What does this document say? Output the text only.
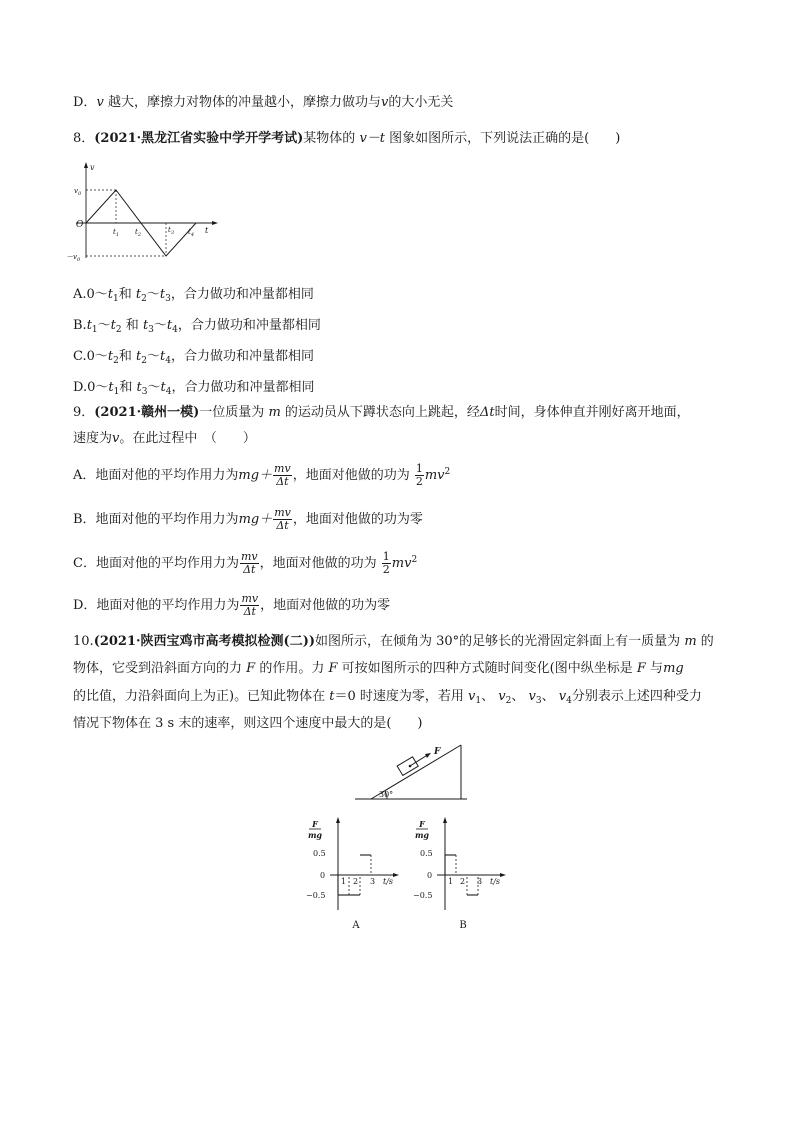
D．v 越大，摩擦力对物体的冲量越小，摩擦力做功与v的大小无关
8．(2021·黑龙江省实验中学开学考试)某物体的 v－t 图象如图所示，下列说法正确的是(　　)
v
t
O
$v_0$
$-v_0$
$t_1$ $t_2$
$t_3$ $t_4$
$A.0\sim t_1$和 $t_2\sim t_3$，合力做功和冲量都相同
$B.t_1\sim t_2$ 和 $t_3\sim t_4$，合力做功和冲量都相同
$C.0\sim t_2$和 $t_2\sim t_4$，合力做功和冲量都相同
$D.0\sim t_1$和 $t_3\sim t_4$，合力做功和冲量都相同
9．(2021·赣州一模)一位质量为 m 的运动员从下蹲状态向上跳起，经Δt时间，身体伸直并刚好离开地面，
速度为v。在此过程中　（　　）
A．地面对他的平均作用力为$mg+ \frac{mv}{\Delta t}$ ，地面对他做的功为 $\frac{1}{2} mv^2$
B．地面对他的平均作用力为$mg+ \frac{mv}{\Delta t}$ ，地面对他做的功为零
C．地面对他的平均作用力为 $\frac{mv}{\Delta t}$ ，地面对他做的功为 $\frac{1}{2} mv^2$
D．地面对他的平均作用力为 $\frac{mv}{\Delta t}$ ，地面对他做的功为零
10.(2021·陕西宝鸡市高考模拟检测(二))如图所示，在倾角为 30°的足够长的光滑固定斜面上有一质量为 m 的
物体，它受到沿斜面方向的力 F 的作用。力 F 可按如图所示的四种方式随时间变化(图中纵坐标是 F 与mg
的比值，力沿斜面向上为正)。已知此物体在 t＝0 时速度为零，若用 $v_1$、 $v_2$、 $v_3$、 $v_4$分别表示上述四种受力
情况下物体在 3 s 末的速率，则这四个速度中最大的是(　　)
30°
F
F
mg
0.5
0
−0.5
1 2 3 t/s
A
F
mg
0.5
0
−0.5
1 2 3 t/s
B
